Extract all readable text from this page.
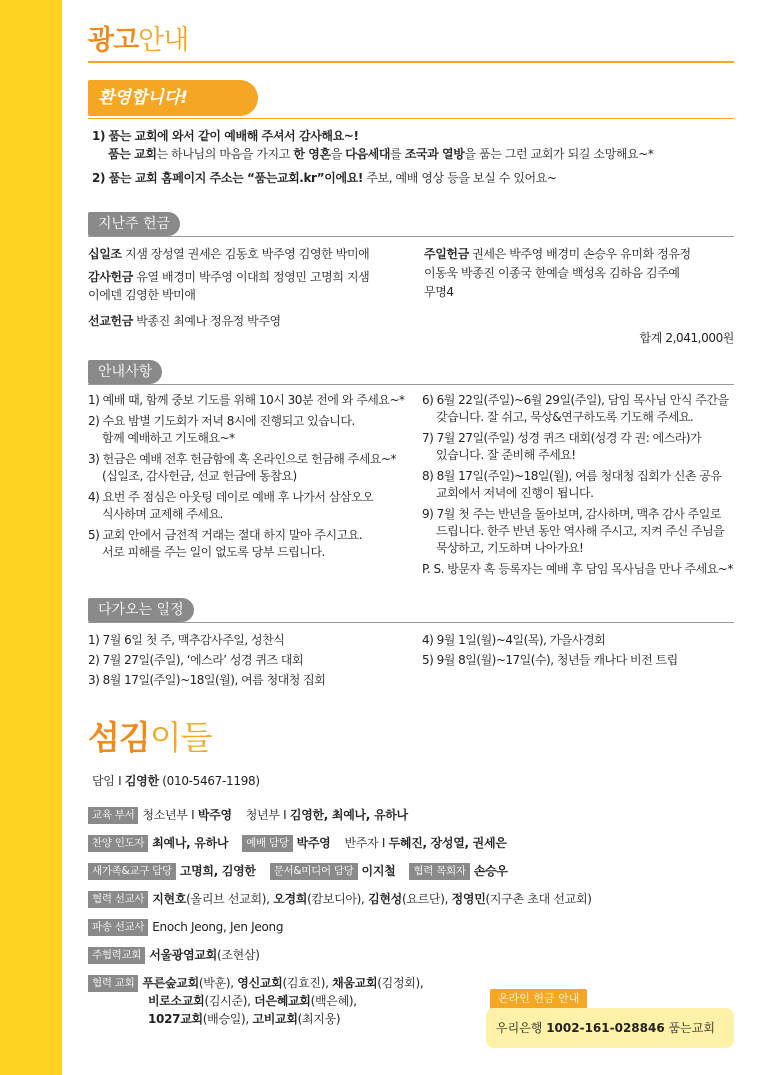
광고안내
환영합니다!
1) 품는 교회에 와서 같이 예배해 주셔서 감사해요~!
품는 교회는 하나님의 마음을 가지고 한 영혼을 다음세대를 조국과 열방을 품는 그런 교회가 되길 소망해요~*
2) 품는 교회 홈페이지 주소는 “품는교회.kr”이에요! 주보, 예배 영상 등을 보실 수 있어요~
지난주 헌금
십일조 지샘 장성열 권세은 김동호 박주영 김영한 박미애
감사헌금 유열 배경미 박주영 이대희 정영민 고명희 지샘
이에덴 김영한 박미애
선교헌금 박종진 최예나 정유정 박주영
주일헌금 권세은 박주영 배경미 손승우 유미화 정유정
이동욱 박종진 이종국 한예슬 백성옥 김하음 김주예
무명4
합계 2,041,000원
안내사항
1) 예배 때, 함께 중보 기도를 위해 10시 30분 전에 와 주세요~*
2) 수요 밤별 기도회가 저녁 8시에 진행되고 있습니다.
함께 예배하고 기도해요~*
3) 헌금은 예배 전후 헌금함에 혹 온라인으로 헌금해 주세요~*
(십일조, 감사헌금, 선교 헌금에 동참요)
4) 요번 주 점심은 아웃팅 데이로 예배 후 나가서 삼삼오오
식사하며 교제해 주세요.
5) 교회 안에서 금전적 거래는 절대 하지 말아 주시고요.
서로 피해를 주는 일이 없도록 당부 드립니다.
6) 6월 22일(주일)~6월 29일(주일), 담임 목사님 안식 주간을
갖습니다. 잘 쉬고, 묵상&연구하도록 기도해 주세요.
7) 7월 27일(주일) 성경 퀴즈 대회(성경 각 권: 에스라)가
있습니다. 잘 준비해 주세요!
8) 8월 17일(주일)~18일(월), 여름 청대청 집회가 신촌 공유
교회에서 저녁에 진행이 됩니다.
9) 7월 첫 주는 반년을 돌아보며, 감사하며, 맥추 감사 주일로
드립니다. 한주 반년 동안 역사해 주시고, 지켜 주신 주님을
묵상하고, 기도하며 나아가요!
P. S. 방문자 혹 등록자는 예배 후 담임 목사님을 만나 주세요~*
다가오는 일정
1) 7월 6일 첫 주, 맥추감사주일, 성찬식
2) 7월 27일(주일), ‘에스라’ 성경 퀴즈 대회
3) 8월 17일(주일)~18일(월), 여름 청대청 집회
4) 9월 1일(월)~4일(목), 가을사경회
5) 9월 8일(월)~17일(수), 청년들 캐나다 비전 트립
섬김이들
담임 I 김영한 (010-5467-1198)
교육 부서 청소년부 I 박주영 청년부 I 김영한, 최예나, 유하나
찬양 인도자 최예나, 유하나 예배 담당 박주영 반주자 I 두혜진, 장성열, 권세은
새가족&교구 담당 고명희, 김영한 문서&미디어 담당 이지철 협력 목회자 손승우
협력 선교사 지현호(올리브 선교회), 오경희(캄보디아), 김현성(요르단), 정영민(지구촌 초대 선교회)
파송 선교사 Enoch Jeong, Jen Jeong
주협력교회 서울광염교회(조현삼)
협력 교회 푸른숲교회(박훈), 영신교회(김효진), 채움교회(김정회),
비로소교회(김시준), 더은혜교회(백은혜),
1027교회(배승일), 고비교회(최지웅)
온라인 헌금 안내
우리은행 1002-161-028846 품는교회
